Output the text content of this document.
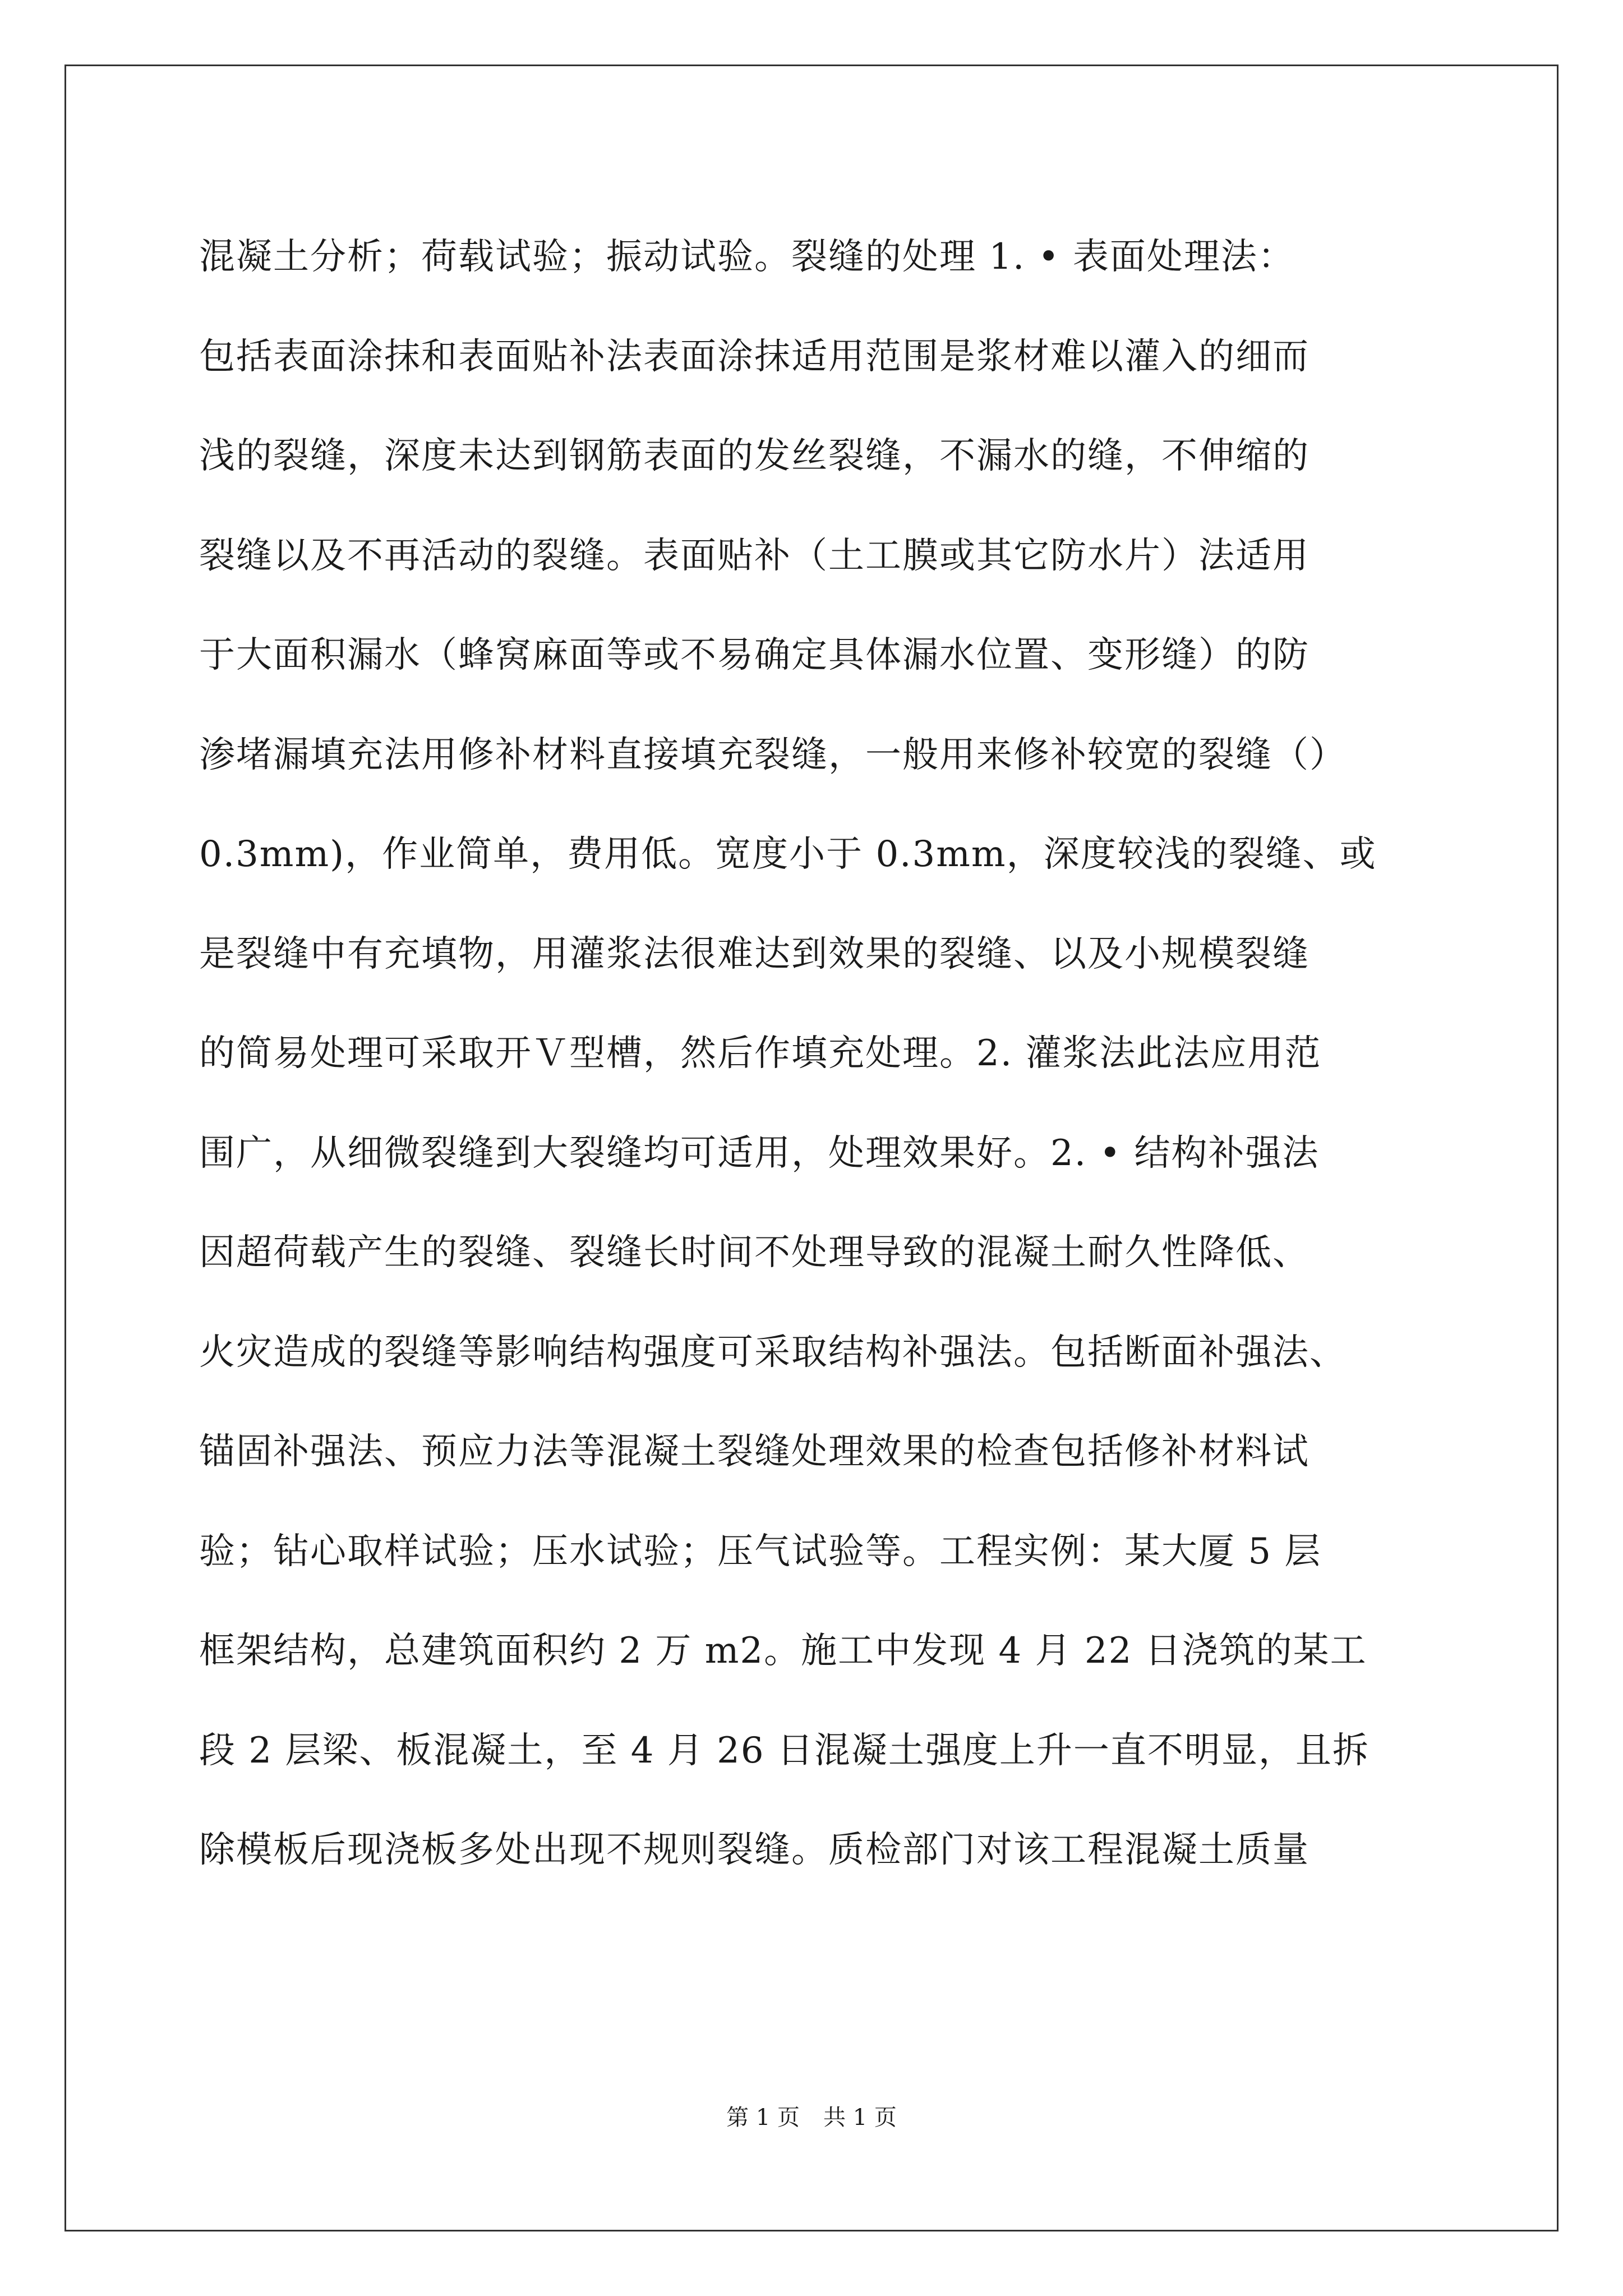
混凝土分析；荷载试验；振动试验。裂缝的处理 1. • 表面处理法：
包括表面涂抹和表面贴补法表面涂抹适用范围是浆材难以灌入的细而
浅的裂缝，深度未达到钢筋表面的发丝裂缝，不漏水的缝，不伸缩的
裂缝以及不再活动的裂缝。表面贴补（土工膜或其它防水片）法适用
于大面积漏水（蜂窝麻面等或不易确定具体漏水位置、变形缝）的防
渗堵漏填充法用修补材料直接填充裂缝，一般用来修补较宽的裂缝（）
0.3mm)，作业简单，费用低。宽度小于 0.3mm，深度较浅的裂缝、或
是裂缝中有充填物，用灌浆法很难达到效果的裂缝、以及小规模裂缝
的简易处理可采取开Ｖ型槽，然后作填充处理。2. 灌浆法此法应用范
围广，从细微裂缝到大裂缝均可适用，处理效果好。2. • 结构补强法
因超荷载产生的裂缝、裂缝长时间不处理导致的混凝土耐久性降低、
火灾造成的裂缝等影响结构强度可采取结构补强法。包括断面补强法、
锚固补强法、预应力法等混凝土裂缝处理效果的检查包括修补材料试
验；钻心取样试验；压水试验；压气试验等。工程实例：某大厦 5 层
框架结构，总建筑面积约 2 万 m2。施工中发现 4 月 22 日浇筑的某工
段 2 层梁、板混凝土，至 4 月 26 日混凝土强度上升一直不明显，且拆
除模板后现浇板多处出现不规则裂缝。质检部门对该工程混凝土质量
第 1 页 共 1 页
